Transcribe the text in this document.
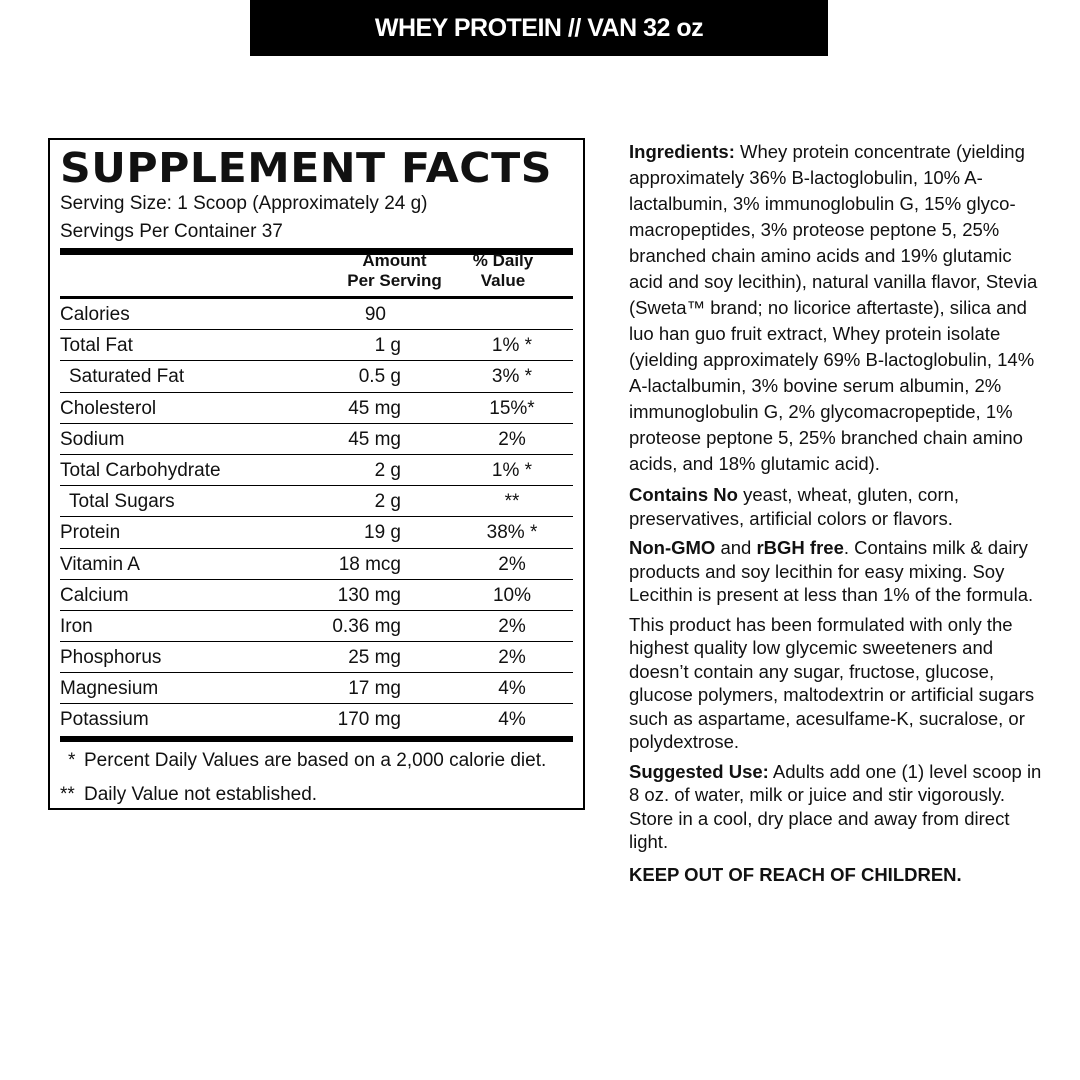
WHEY PROTEIN // VAN 32 oz
SUPPLEMENT FACTS

Serving Size: 1 Scoop (Approximately 24 g)

Servings Per Container 37

Amount
Per Serving
% Daily
Value
Calories	90
Total Fat	1 g	1% *
Saturated Fat	0.5 g	3% *
Cholesterol	45 mg	15%*
Sodium	45 mg	2%
Total Carbohydrate	2 g	1% *
Total Sugars	2 g	**
Protein	19 g	38% *
Vitamin A	18 mcg	2%
Calcium	130 mg	10%
Iron	0.36 mg	2%
Phosphorus	25 mg	2%
Magnesium	17 mg	4%
Potassium	170 mg	4%
* Percent Daily Values are based on a 2,000 calorie diet.
** Daily Value not established.

Ingredients: Whey protein concentrate (yielding approximately 36% B-lactoglobulin, 10% A-lactalbumin, 3% immunoglobulin G, 15% glyco-macropeptides, 3% proteose peptone 5, 25% branched chain amino acids and 19% glutamic acid and soy lecithin), natural vanilla flavor, Stevia (Sweta™ brand; no licorice aftertaste), silica and luo han guo fruit extract, Whey protein isolate (yielding approximately 69% B-lactoglobulin, 14% A-lactalbumin, 3% bovine serum albumin, 2% immunoglobulin G, 2% glycomacropeptide, 1% proteose peptone 5, 25% branched chain amino acids, and 18% glutamic acid).

Contains No yeast, wheat, gluten, corn, preservatives, artificial colors or flavors.

Non-GMO and rBGH free. Contains milk & dairy products and soy lecithin for easy mixing. Soy Lecithin is present at less than 1% of the formula.

This product has been formulated with only the highest quality low glycemic sweeteners and doesn’t contain any sugar, fructose, glucose, glucose polymers, maltodextrin or artificial sugars such as aspartame, acesulfame-K, sucralose, or polydextrose.

Suggested Use: Adults add one (1) level scoop in 8 oz. of water, milk or juice and stir vigorously. Store in a cool, dry place and away from direct light.

KEEP OUT OF REACH OF CHILDREN.
